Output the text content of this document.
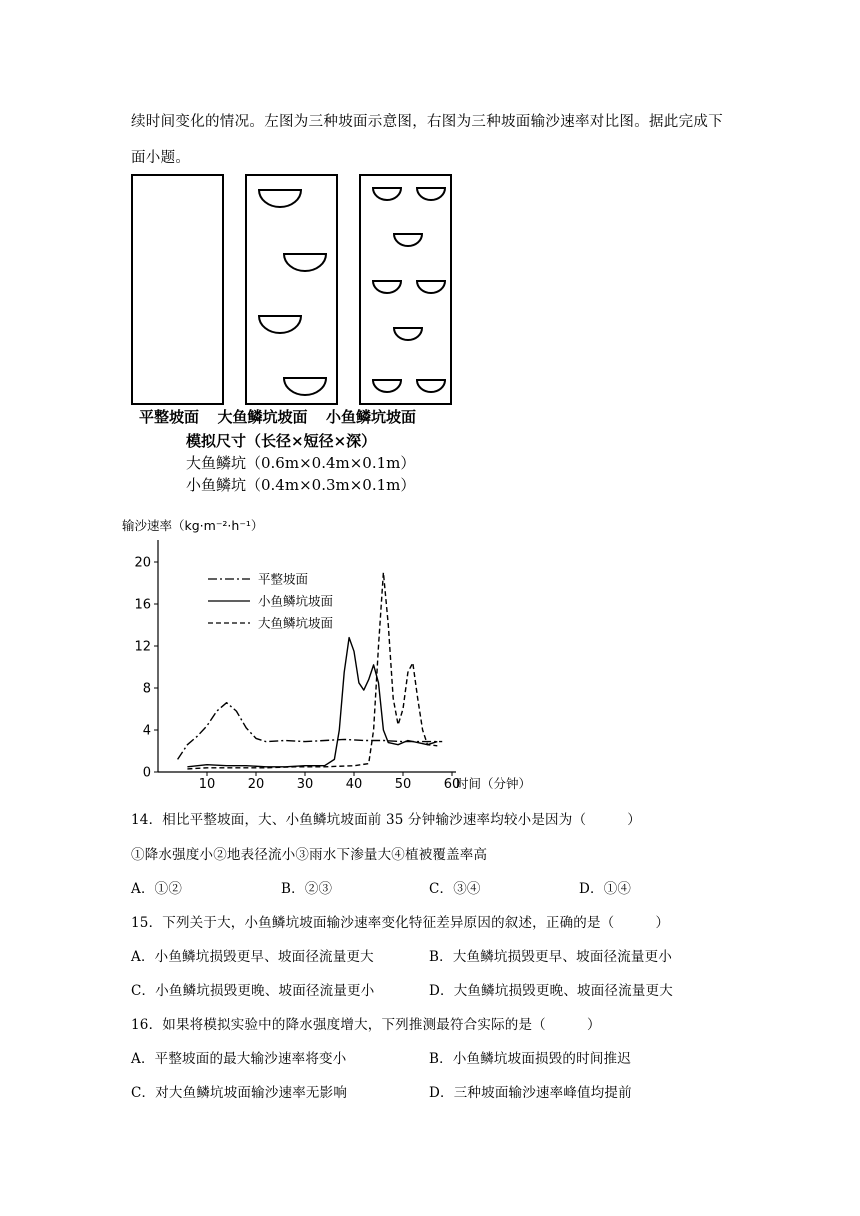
续时间变化的情况。左图为三种坡面示意图，右图为三种坡面输沙速率对比图。据此完成下
面小题。
平整坡面 大鱼鳞坑坡面 小鱼鳞坑坡面
模拟尺寸（长径×短径×深）
大鱼鳞坑（0.6m×0.4m×0.1m）
小鱼鳞坑（0.4m×0.3m×0.1m）
输沙速率（kg·m⁻²·h⁻¹）
时间（分钟）
0
4
8
12
16
20
10 20 30 40 50 60
平整坡面
小鱼鳞坑坡面
大鱼鳞坑坡面
14．相比平整坡面，大、小鱼鳞坑坡面前 35 分钟输沙速率均较小是因为（　　　）
①降水强度小②地表径流小③雨水下渗量大④植被覆盖率高
A．①②	B．②③	C．③④	D．①④
15．下列关于大，小鱼鳞坑坡面输沙速率变化特征差异原因的叙述，正确的是（　　　）
A．小鱼鳞坑损毁更早、坡面径流量更大	B．大鱼鳞坑损毁更早、坡面径流量更小
C．小鱼鳞坑损毁更晚、坡面径流量更小	D．大鱼鳞坑损毁更晚、坡面径流量更大
16．如果将模拟实验中的降水强度增大，下列推测最符合实际的是（　　　）
A．平整坡面的最大输沙速率将变小	B．小鱼鳞坑坡面损毁的时间推迟
C．对大鱼鳞坑坡面输沙速率无影响	D．三种坡面输沙速率峰值均提前
